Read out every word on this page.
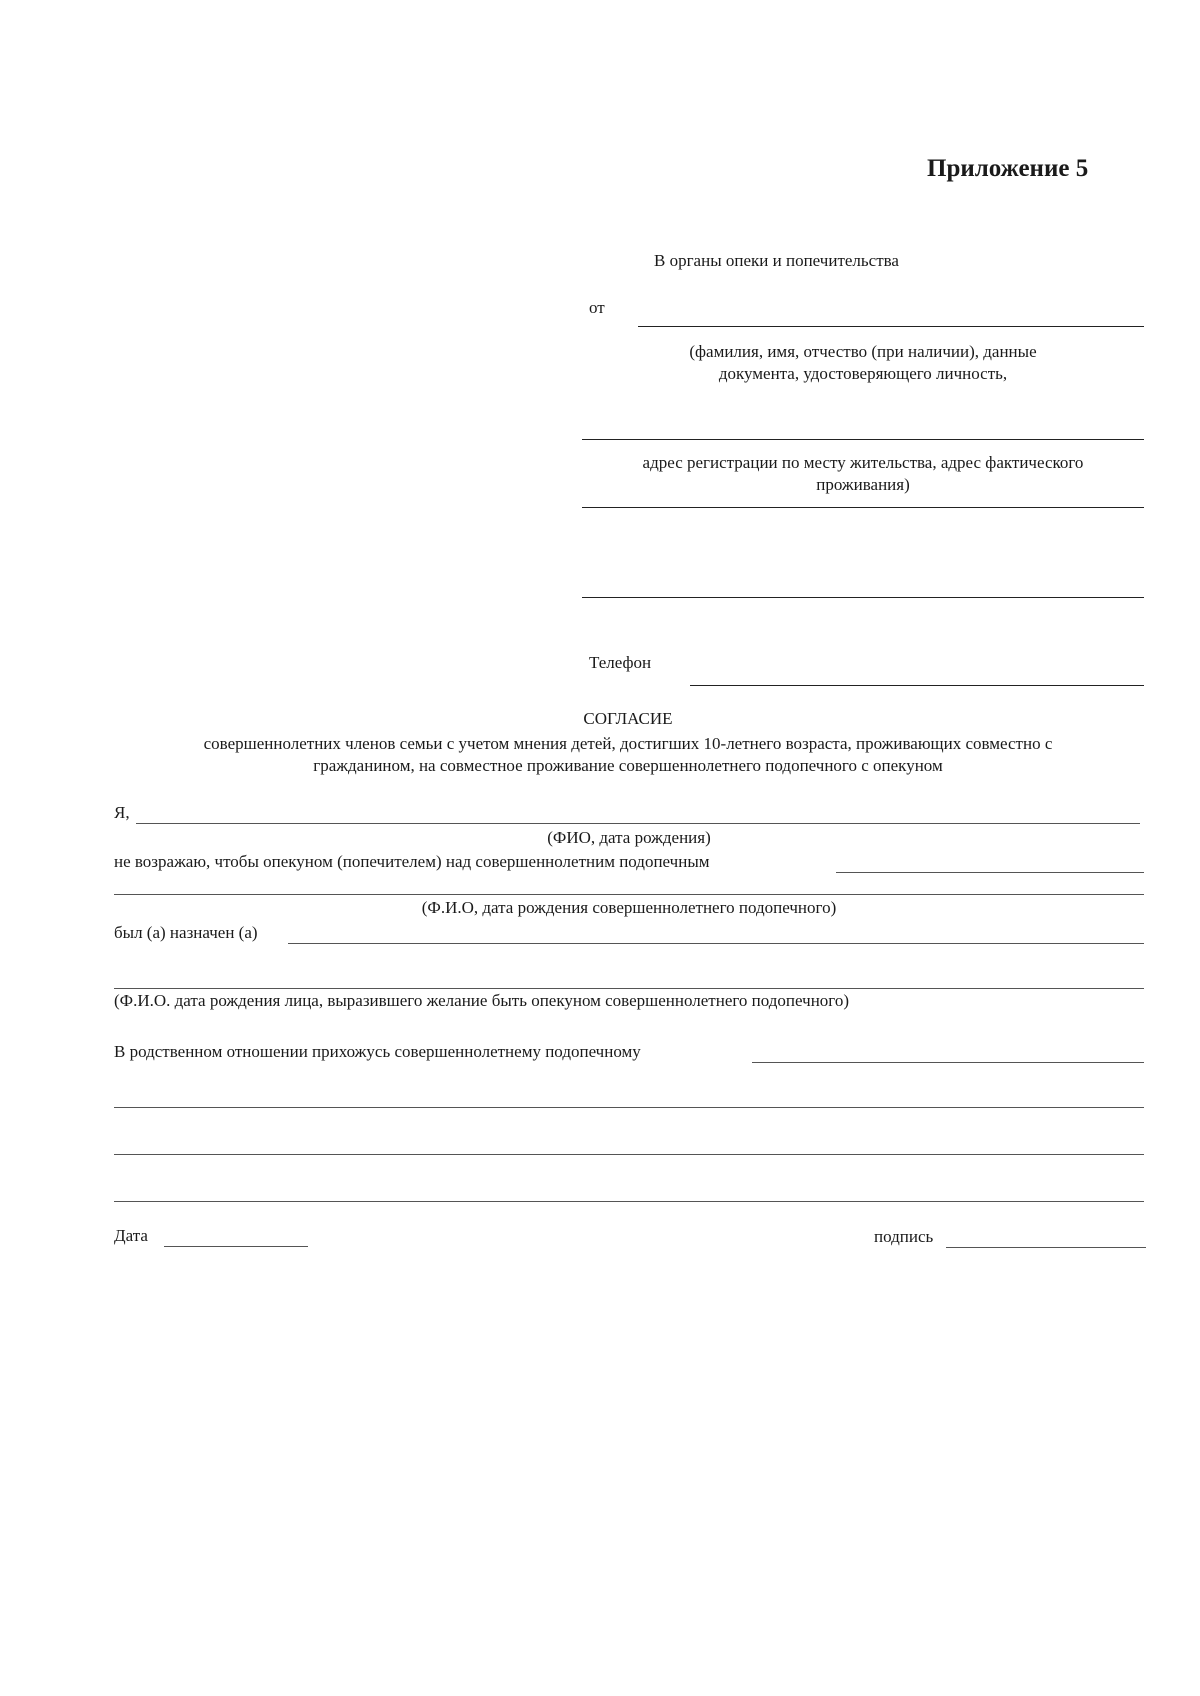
Приложение 5
В органы опеки и попечительства
от
(фамилия, имя, отчество (при наличии), данные
документа, удостоверяющего личность,
адрес регистрации по месту жительства, адрес фактического
проживания)
Телефон
СОГЛАСИЕ
совершеннолетних членов семьи с учетом мнения детей, достигших 10-летнего возраста, проживающих совместно с
гражданином, на совместное проживание совершеннолетнего подопечного с опекуном
Я,
(ФИО, дата рождения)
не возражаю, чтобы опекуном (попечителем) над совершеннолетним подопечным
(Ф.И.О, дата рождения совершеннолетнего подопечного)
был (а) назначен (а)
(Ф.И.О. дата рождения лица, выразившего желание быть опекуном совершеннолетнего подопечного)
В родственном отношении прихожусь совершеннолетнему подопечному
Дата	подпись
